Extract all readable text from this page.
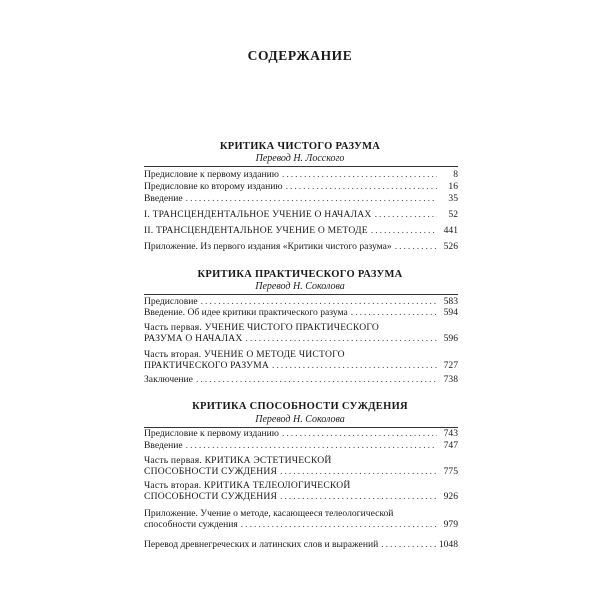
СОДЕРЖАНИЕ
КРИТИКА ЧИСТОГО РАЗУМА
Перевод Н. Лосского
Предисловие к первому изданию .....	8
Предисловие ко второму изданию .....	16
Введение .....	35
I. ТРАНСЦЕНДЕНТАЛЬНОЕ УЧЕНИЕ О НАЧАЛАХ .....	52
II. ТРАНСЦЕНДЕНТАЛЬНОЕ УЧЕНИЕ О МЕТОДЕ .....	441
Приложение. Из первого издания «Критики чистого разума» .....	526
КРИТИКА ПРАКТИЧЕСКОГО РАЗУМА
Перевод Н. Соколова
Предисловие .....	583
Введение. Об идее критики практического разума .....	594
Часть первая. УЧЕНИЕ ЧИСТОГО ПРАКТИЧЕСКОГО
РАЗУМА О НАЧАЛАХ .....	596
Часть вторая. УЧЕНИЕ О МЕТОДЕ ЧИСТОГО
ПРАКТИЧЕСКОГО РАЗУМА .....	727
Заключение .....	738
КРИТИКА СПОСОБНОСТИ СУЖДЕНИЯ
Перевод Н. Соколова
Предисловие к первому изданию .....	743
Введение .....	747
Часть первая. КРИТИКА ЭСТЕТИЧЕСКОЙ
СПОСОБНОСТИ СУЖДЕНИЯ .....	775
Часть вторая. КРИТИКА ТЕЛЕОЛОГИЧЕСКОЙ
СПОСОБНОСТИ СУЖДЕНИЯ .....	926
Приложение. Учение о методе, касающееся телеологической
способности суждения .....	979
Перевод древнегреческих и латинских слов и выражений .....	1048
